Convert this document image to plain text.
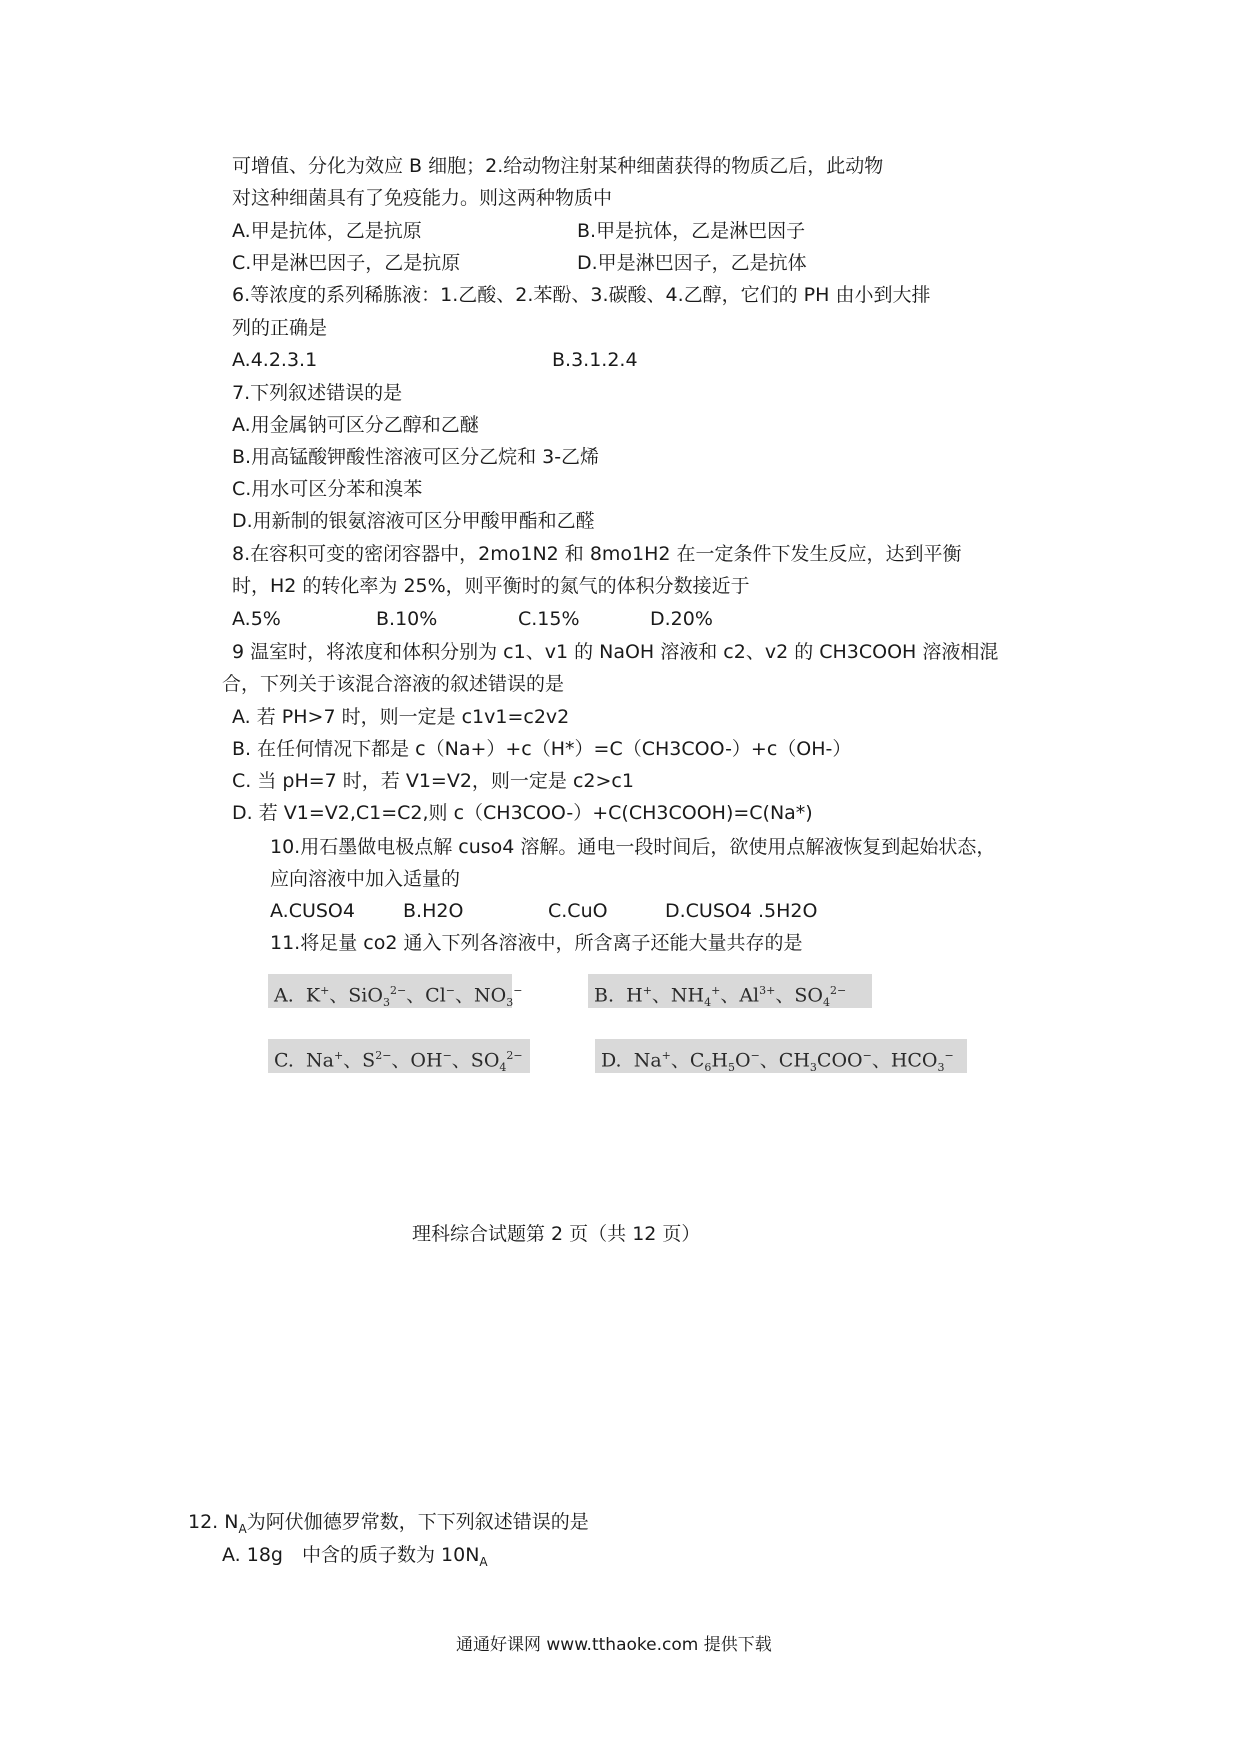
可增值、分化为效应 B 细胞；2.给动物注射某种细菌获得的物质乙后，此动物
对这种细菌具有了免疫能力。则这两种物质中
A.甲是抗体，乙是抗原	B.甲是抗体，乙是淋巴因子
C.甲是淋巴因子，乙是抗原	D.甲是淋巴因子，乙是抗体
6.等浓度的系列稀胨液：1.乙酸、2.苯酚、3.碳酸、4.乙醇，它们的 PH 由小到大排
列的正确是
A.4.2.3.1	B.3.1.2.4
7.下列叙述错误的是
A.用金属钠可区分乙醇和乙醚
B.用高锰酸钾酸性溶液可区分乙烷和 3-乙烯
C.用水可区分苯和溴苯
D.用新制的银氨溶液可区分甲酸甲酯和乙醛
8.在容积可变的密闭容器中，2mo1N2 和 8mo1H2 在一定条件下发生反应，达到平衡
时，H2 的转化率为 25%，则平衡时的氮气的体积分数接近于
A.5%	B.10%	C.15%	D.20%
9 温室时，将浓度和体积分别为 c1、v1 的 NaOH 溶液和 c2、v2 的 CH3COOH 溶液相混
合，下列关于该混合溶液的叙述错误的是
A. 若 PH>7 时，则一定是 c1v1=c2v2
B. 在任何情况下都是 c（Na+）+c（H*）=C（CH3COO-）+c（OH-）
C. 当 pH=7 时，若 V1=V2，则一定是 c2>c1
D. 若 V1=V2,C1=C2,则 c（CH3COO-）+C(CH3COOH)=C(Na*)
10.用石墨做电极点解 cuso4 溶解。通电一段时间后，欲使用点解液恢复到起始状态，
应向溶液中加入适量的
A.CUSO4	B.H2O	C.CuO	D.CUSO4 .5H2O
11.将足量 co2 通入下列各溶液中，所含离子还能大量共存的是
A. K+、SiO$_3^{2-}$、Cl−、$NO_3^-$	B. H+、$NH_4^+$、$Al^{3+}$、$SO_4^{2-}$
C. Na+、$S^{2-}$、OH−、$SO_4^{2-}$	D. Na+、$C_6H_5O^-$、$CH_3COO^-$、$HCO_3^-$
理科综合试题第 2 页（共 12 页）
12. $N_A$为阿伏伽德罗常数，下下列叙述错误的是
A. 18g　中含的质子数为 $10N_A$
通通好课网 www.tthaoke.com 提供下载
